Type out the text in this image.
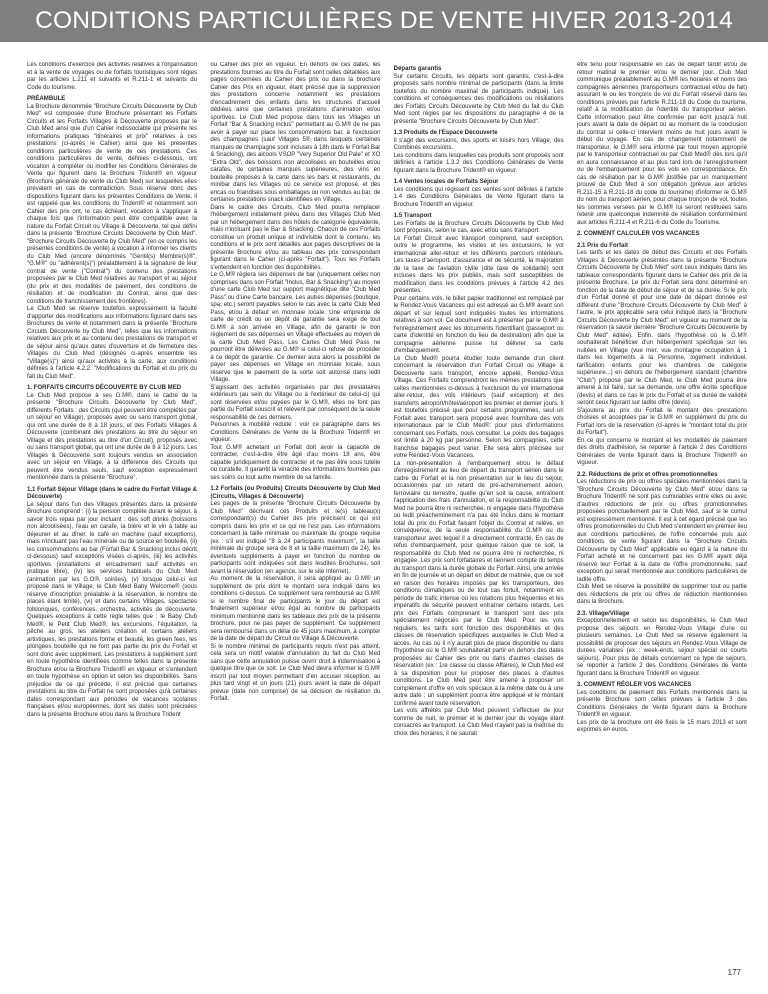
CONDITIONS PARTICULIÈRES DE VENTE HIVER 2013-2014

Les conditions d'exercice des activités relatives à l'organisation et à la vente de voyages ou de forfaits touristiques sont régies par les articles L.211 et suivants et R.211-1 et suivants du Code du tourisme.

PRÉAMBULE

La Brochure dénommée "Brochure Circuits Découverte by Club Med" est composée d'une Brochure présentant les Forfaits Circuits et les Forfaits Villages & Découverte proposés par le Club Med ainsi que d'un Cahier indissociable qui présente les informations pratiques "itinéraires et prix" relatives à ces prestations (ci-après le Cahier) ainsi que les présentes conditions particulières de vente de ces prestations. Ces conditions particulières de vente, définies ci-dessous, ont vocation à compléter ou modifier les Conditions Générales de Vente qui figurent dans la Brochure Trident® en vigueur (Brochure générale de vente du Club Med) sur lesquelles elles prévalent en cas de contradiction. Sous réserve donc des dispositions figurant dans les présentes Conditions de Vente, il est rappelé que les conditions du Trident® et notamment son Cahier des prix ont, le cas échéant, vocation à s'appliquer à chaque fois que l'information peut être compatible avec la nature du Forfait Circuit ou Village & Découverte, tel que défini dans la présente "Brochure Circuits Découverte by Club Med". "Brochure Circuits Découverte by Club Med" (en ce compris les présentes conditions de vente) a vocation à informer les clients du Club Med (encore dénommés "Gentil(s) Membre(s)®", "G.M®" ou "adhérent(s)") préalablement à la signature de leur contrat de vente ("Contrat") du contenu des prestations proposées par le Club Med relatives au transport et au séjour (du prix et des modalités de paiement, des conditions de résiliation et de modification du Contrat, ainsi que des conditions de franchissement des frontières).

Le Club Med se réserve toutefois expressément la faculté d'apporter des modifications aux informations figurant dans ses Brochures de vente et notamment dans la présente "Brochure Circuits Découverte by Club Med", telles que les informations relatives aux prix et au contenu des prestations de transport et de séjour ainsi qu'aux dates d'ouverture et de fermeture des Villages du Club Med (désignés ci-après ensemble les "Village(s)") ainsi qu'aux activités à la carte, aux conditions définies à l'article 4.2.2. "Modifications du Forfait et du prix du fait du Club Med".

1. FORFAITS CIRCUITS DÉCOUVERTE BY CLUB MED

Le Club Med propose à ses G.M®, dans le cadre de la présente "Brochure Circuits Découverte by Club Med", différents Forfaits : des Circuits (qui peuvent être complétés par un séjour en Village), proposés avec ou sans transport global, qui ont une durée de 8 à 18 jours, et des Forfaits Villages & Découverte (combinant des prestations au titre du séjour en Village et des prestations au titre d'un Circuit), proposés avec ou sans transport global, qui ont une durée de 8 à 12 jours. Les Villages & Découverte sont toujours vendus en association avec un séjour en Village, à la différence des Circuits qui peuvent être vendus seuls, sauf exception expressément mentionnée dans la présente "Brochure".

1.1 Forfait Séjour Village (dans le cadre du Forfait Village & Découverte)

Le séjour dans l'un des Villages présentés dans la présente Brochure comprend : (i) la pension complète durant le séjour, à savoir trois repas par jour incluant : des soft drinks (boissons non alcoolisées), l'eau en carafe, la bière et le vin à table au déjeuner et au dîner, le café en machine (sauf exceptions), mais n'incluant pas l'eau minérale ou de source en bouteille, (ii) les consommations au bar (Forfait Bar & Snacking inclus décrit ci-dessous) sauf exceptions visées ci-après, (iii) les activités sportives (installations et encadrement sauf activités en pratique libre), (iv) les services habituels du Club Med (animation par les G.O®, soirées), (v) lorsque celui-ci est proposé dans le Village, le Club Med Baby Welcome® (sous réserve d'inscription préalable à la réservation, le nombre de places étant limité), (vi) et dans certains Villages, spectacles folkloriques, conférences, orchestre, activités de découverte. Quelques exceptions à cette règle telles que : le Baby Club Med®, le Petit Club Med®, les excursions, l'équitation, la pêche au gros, les ateliers création et certains ateliers artistiques, les prestations forme et beauté, les green fees, les plongées bouteille qui ne font pas partie du prix du Forfait et sont donc avec supplément. Les prestations à supplément sont en toute hypothèse identifiées comme telles dans la présente Brochure et/ou la Brochure Trident® en vigueur et s'entendent en toute hypothèse en option et selon les disponibilités. Sans préjudice de ce qui précède, il est précisé que certaines prestations au titre du Forfait ne sont proposées qu'à certaines dates correspondant aux périodes de vacances scolaires françaises et/ou européennes, dont les dates sont précisées dans la présente Brochure et/ou dans la Brochure Trident

ou Cahier des prix en vigueur. En dehors de ces dates, les prestations fournies au titre du Forfait sont celles détaillées aux pages concernées du Cahier des prix ou dans la brochure Cahier des Prix en vigueur, étant précisé que la suppression des prestations concerne notamment les prestations d'encadrement des enfants dans les structures d'accueil dédiées ainsi que certaines prestations d'animation et/ou sportives. Le Club Med propose dans tous les Villages un Forfait "Bar & Snacking inclus" permettant au G.M® de ne pas avoir à payer sur place les consommations bar, à l'exclusion des champagnes (sauf Villages 5® dans lesquels certaines marques de champagne sont incluses à 18h dans le Forfait Bar & Snacking), des alcools VSOP "Very Superior Old Pale" et XO "Extra Old", des boissons non alcoolisées en bouteilles et/ou carafes, de certaines marques supérieures, des vins en bouteille proposés à la carte dans les bars et restaurants, du minibar dans les Villages où ce service est proposé, et des encas ou friandises sous emballages ou non vendus au bar, de certaines prestations snack identifiées en Village.

Dans le cadre des Circuits, Club Med pourra remplacer l'hébergement initialement prévu dans des Villages Club Med par un hébergement dans des hôtels de catégorie équivalente, mais n'incluant pas le Bar & Snacking. Chacun de ces Forfaits constitue un produit unique et indivisible dont le contenu, les conditions et le prix sont détaillés aux pages descriptives de la présente Brochure et/ou au tableau des prix correspondant figurant dans le Cahier (ci-après "Forfait"). Tous les Forfaits s'entendent en fonction des disponibilités.

Le G.M® règlera ses dépenses de bar (uniquement celles non comprises dans son Forfait "Inclus, Bar & Snacking") au moyen d'une carte Club Med sur support magnétique dite "Club Med Pass" ou d'une Carte bancaire. Les autres dépenses (boutique, spa, etc.) seront payables selon le cas avec la carte Club Med Pass, et/ou à défaut en monnaie locale. Une empreinte de carte de crédit ou un dépôt de garantie sera exigé de tout G.M® à son arrivée en Village, afin de garantir le bon règlement de ses dépenses en Village effectuées au moyen de la carte Club Med Pass. Les Cartes Club Med Pass ne pourront être délivrées au G.M® si celui-ci refuse de procéder à ce dépôt de garantie. Ce dernier aura alors la possibilité de payer ses dépenses en Village en monnaie locale, sous réserve que le paiement de la sorte soit autorisé dans ledit Village.

S'agissant des activités organisées par des prestataires extérieurs (au sein du Village ou à l'extérieur de celui-ci) qui sont réservées et/ou payées par le G.M®, elles ne font pas partie du Forfait souscrit et relèvent par conséquent de la seule responsabilité de ces derniers.

Personnes à mobilité réduite : voir ce paragraphe dans les Conditions Générales de Vente de la Brochure Trident® en vigueur.

Tout G.M® achetant un Forfait doit avoir la capacité de contracter, c'est-à-dire être âgé d'au moins 18 ans, être capable juridiquement de contracter et ne pas être sous tutelle ou curatelle. Il garantit la véracité des informations fournies pas ses soins ou tout autre membre de sa famille.

1.2 Forfaits (ou Produits) Circuits Découverte by Club Med (Circuits, Villages & Découverte)

Les pages de la présente "Brochure Circuits Découverte by Club Med" décrivant ces Produits et le(s) tableau(x) correspondant(s) du Cahier des prix précisent ce qui est compris dans les prix et ce qui ne l'est pas. Les informations concernant la taille minimale ou maximale du groupe requise (ex : s'il est indiqué "8 à 24 participants maximum", la taille minimale du groupe sera de 8 et la taille maximum de 24), les éventuels suppléments à payer en fonction du nombre de participants sont indiquées soit dans lesdites Brochures, soit avant la réservation (en agence, sur le site Internet).

Au moment de la réservation, il sera appliqué au G.M® un supplément de prix dont le montant sera indiqué dans les conditions ci-dessus. Ce supplément sera remboursé au G.M® si le nombre final de participants le jour du départ est finalement supérieur et/ou égal au nombre de participants minimum mentionné dans les tableaux des prix de la présente brochure, pour ne pas payer de supplément. Ce supplément sera remboursé dans un délai de 45 jours maximum, à compter de la date de départ du Circuit ou Village & Découverte.

Si le nombre minimal de participants requis n'est pas atteint, cela sera un motif valable d'annulation du fait du Club Med sans que cette annulation puisse ouvrir droit à indemnisation à quelque titre que ce soit. Le Club Med devra informer le G.M® inscrit par tout moyen permettant d'en accuser réception, au plus tard vingt et un jours (21) jours avant la date de départ prévue (date non comprise) de sa décision de résiliation du Forfait.

Départs garantis

Sur certains Circuits, les départs sont garantis, c'est-à-dire proposés sans nombre minimal de participants (dans la limite toutefois du nombre maximal de participants indiqué). Les conditions et conséquences des modifications ou résiliations des Forfaits Circuits Découverte by Club Med du fait du Club Med sont régies par les dispositions du paragraphe 4 de la présente "Brochure Circuits Découverte by Club Med".

1.3 Produits de l'Espace Découverte

Il s'agit des excursions, des sports et loisirs hors Village, des Combinés excursions.

Les conditions dans lesquelles ces produits sont proposés sont définies à l'article 1.3.2 des Conditions Générales de Vente figurant dans la Brochure Trident® en vigueur.

1.4 Ventes locales de Forfaits Séjour

Les conditions qui régissent ces ventes sont définies à l'article 1.4 des Conditions Générales de Vente figurant dans la Brochure Trident® en vigueur.

1.5 Transport

Les Forfaits de la Brochure Circuits Découverte by Club Med sont proposés, selon le cas, avec et/ou sans transport.

Le Forfait Circuit avec transport comprend, sauf exception, outre le programme, les visites et les excursions, le vol international aller-retour et les différents parcours intérieurs. Les taxes d'aéroport, d'assurance et de sécurité, la majoration de la taxe de l'aviation civile (dite taxe de solidarité) sont incluses dans les prix publiés, mais sont susceptibles de modification dans les conditions prévues à l'article 4.2 des présentes.

Pour certains vols, le billet papier traditionnel est remplacé par le Rendez-Vous Vacances qui est adressé au G.M® avant son départ et sur lequel sont indiquées toutes les informations relatives à son vol. Ce document est à présenter par le G.M® à l'enregistrement avec les documents l'identifiant (passeport ou carte d'identité en fonction du lieu de destination) afin que la compagnie aérienne puisse lui délivrer sa carte d'embarquement.

Le Club Med® pourra étudier toute demande d'un client concernant la réservation d'un Forfait Circuit ou Village & Découverte sans transport, encore appelé, Rendez-Vous Village. Ces Forfaits comprendront les mêmes prestations que celles mentionnées ci-dessus à l'exclusion du vol international aller-retour, des vols intérieurs (sauf exception) et des transferts aéroport/hôtel/aéroport les premier et dernier jours. Il est toutefois précisé que pour certains programmes, seul un Forfait avec transport sera proposé avec fourniture des vols internationaux par le Club Med®: pour plus d'informations concernant ces Forfaits, nous consulter. Le poids des bagages est limité à 20 kg par personne. Selon les compagnies, cette franchise bagages peut varier. Elle sera alors précisée sur votre Rendez-Vous Vacances.

La non-présentation à l'embarquement et/ou le défaut d'enregistrement au lieu de départ du transport aérien dans le cadre du Forfait et la non présentation sur le lieu du séjour, occasionnés par un retard de pré-acheminement aérien, ferroviaire ou terrestre, quelle qu'en soit la cause, entraînent l'application des frais d'annulation, et la responsabilité du Club Med ne pourra être ni recherchée, ni engagée dans l'hypothèse où ledit préacheminement n'a pas été inclus dans le montant total du prix du Forfait faisant l'objet du Contrat et relève, en conséquence, de la seule responsabilité du G.M® ou du transporteur avec lequel il a directement contracté. En cas de refus d'embarquement, pour quelque raison que ce soit, la responsabilité du Club Med ne pourra être ni recherchée, ni engagée. Les prix sont forfaitaires et tiennent compte du temps du transport dans la durée globale du Forfait. Ainsi, une arrivée en fin de journée et un départ en début de matinée, que ce soit en raison des horaires imposés par les transporteurs, des conditions climatiques ou de tout cas fortuit, notamment en période de trafic intense où les rotations plus fréquentes et les impératifs de sécurité peuvent entraîner certains retards. Les prix des Forfaits comprenant le transport sont des prix spécialement négociés par le Club Med. Pour les vols réguliers, les tarifs sont fonction des disponibilités et des classes de réservation spécifiques auxquelles le Club Med a accès. Au cas où il n'y aurait plus de place disponible ou dans l'hypothèse où le G.M® souhaiterait partir en dehors des dates proposées au Cahier des prix ou dans d'autres classes de réservation (ex : 1re classe ou classe Affaires), le Club Med est à sa disposition pour lui proposer des places à d'autres conditions. Le Club Med peut être amené à proposer un complément d'offre en vols spéciaux à la même date ou à une autre date ; un supplément pourra être appliqué et le montant confirmé avant toute réservation.

Les vols affrétés par Club Med peuvent s'effectuer de jour comme de nuit, le premier et le dernier jour du voyage étant consacrés au transport. Le Club Med n'ayant pas la maîtrise du choix des horaires, il ne saurait

être tenu pour responsable en cas de départ tardif et/ou de retour matinal le premier et/ou le dernier jour. Club Med communique préalablement au G.M® les horaires et noms des compagnies aériennes (transporteurs contractuel et/ou de fait) assurant le ou les tronçons de vol du Forfait réservé dans les conditions prévues par l'article R.211-18 du Code du tourisme, relatif à la modification de l'identité du transporteur aérien. Cette information peut être confirmée par écrit jusqu'à huit jours avant la date de départ ou au moment de la conclusion du contrat si celle-ci intervient moins de huit jours avant le début du voyage. En cas de changement notamment de transporteur, le G.M® sera informé par tout moyen approprié par le transporteur contractuel ou par Club Med® dès lors qu'il en aura connaissance et au plus tard lors de l'enregistrement ou de l'embarquement pour les vols en correspondance. En cas de résiliation par le G.M® justifiée par un manquement prouvé de Club Med à son obligation (prévue aux articles R.211-15 à R.211-18 du code du tourisme) d'informer le G.M® du nom du transport aérien, pour chaque tronçon de vol, toutes les sommes versées par le G.M® lui seront restituées sans retenir une quelconque indemnité de résiliation conformément aux articles R.211-4 et R.211-6 du Code du Tourisme.

2. COMMENT CALCULER VOS VACANCES

2.1 Prix du Forfait

Les tarifs et les dates de début des Circuits et des Forfaits Villages & Découverte présentés dans la présente "Brochure Circuits Découverte by Club Med" sont ceux indiqués dans les tableaux correspondants figurant dans le Cahier des prix de la présente Brochure. Le prix du Forfait sera donc déterminé en fonction de la date de début de séjour et de sa durée. Si le prix d'un Forfait donné et pour une date de départ donnée est différent d'une "Brochure Circuits Découverte by Club Med" à l'autre, le prix applicable sera celui indiqué dans la "Brochure Circuits Découverte by Club Med" en vigueur au moment de la réservation (à savoir dernière "Brochure Circuits Découverte by Club Med" éditée). Enfin, dans l'hypothèse où le G.M® souhaiterait bénéficier d'un hébergement spécifique sur les nuitées en Village (vue mer, vue montagne occupation à 1 dans les logements à la Personne, logement individuel, tarification enfants pour les chambres de catégorie supérieure...) en dehors de l'hébergement standard (chambre "Club") proposé par le Club Med, le Club Med pourra être amené à lui faire, sur sa demande, une offre écrite spécifique (devis) et dans ce cas le prix du Forfait et sa durée de validité seront ceux figurant sur ladite offre (devis).

S'ajoutera au prix du Forfait le montant des prestations choisies et acceptées par le G.M® en supplément du prix du Forfait lors de la réservation (ci-après le "montant total du prix du Forfait").

En ce qui concerne le montant et les modalités de paiement des droits d'adhésion, se reporter à l'article 2 des Conditions Générales de Vente figurant dans la Brochure Trident® en vigueur.

2.2. Réductions de prix et offres promotionnelles

Les réductions de prix ou offres spéciales mentionnées dans la "Brochure Circuits Découverte by Club Med" et/ou dans la Brochure Trident® ne sont pas cumulables entre elles ou avec d'autres réductions de prix ou offres promotionnelles proposées ponctuellement par le Club Med, sauf si le cumul est expressément mentionné. Il est à cet égard précisé que les offres promotionnelles du Club Med s'entendent en premier lieu aux conditions particulières de l'offre concernée puis aux conditions de vente figurant dans la "Brochure Circuits Découverte by Club Med" applicable eu égard à la nature du Forfait acheté et ne concernent pas les G.M® ayant déjà réservé leur Forfait à la date de l'offre promotionnelle, sauf exception qui serait mentionnée aux conditions particulières de ladite offre.

Club Med se réserve la possibilité de supprimer tout ou partie des réductions de prix ou offres de réduction mentionnées dans la Brochure.

2.3. Village/Village

Exceptionnellement et selon les disponibilités, le Club Med propose des séjours en Rendez-Vous Village d'une ou plusieurs semaines. Le Club Med se réserve également la possibilité de proposer des séjours en Rendez-Vous Village de durées variables (ex : week-ends, séjour spécial ou courts séjours). Pour plus de détails concernant ce type de séjours, se reporter à l'article 2 des Conditions Générales de Vente figurant dans la Brochure Trident® en vigueur.

3. COMMENT RÉGLER VOS VACANCES

Les conditions de paiement des Forfaits mentionnés dans la présente Brochure sont celles prévues à l'article 3 des Conditions Générales de Vente figurant dans la Brochure Trident® en vigueur.

Les prix de la brochure ont été fixés le 15 mars 2013 et sont exprimés en euros.

177
